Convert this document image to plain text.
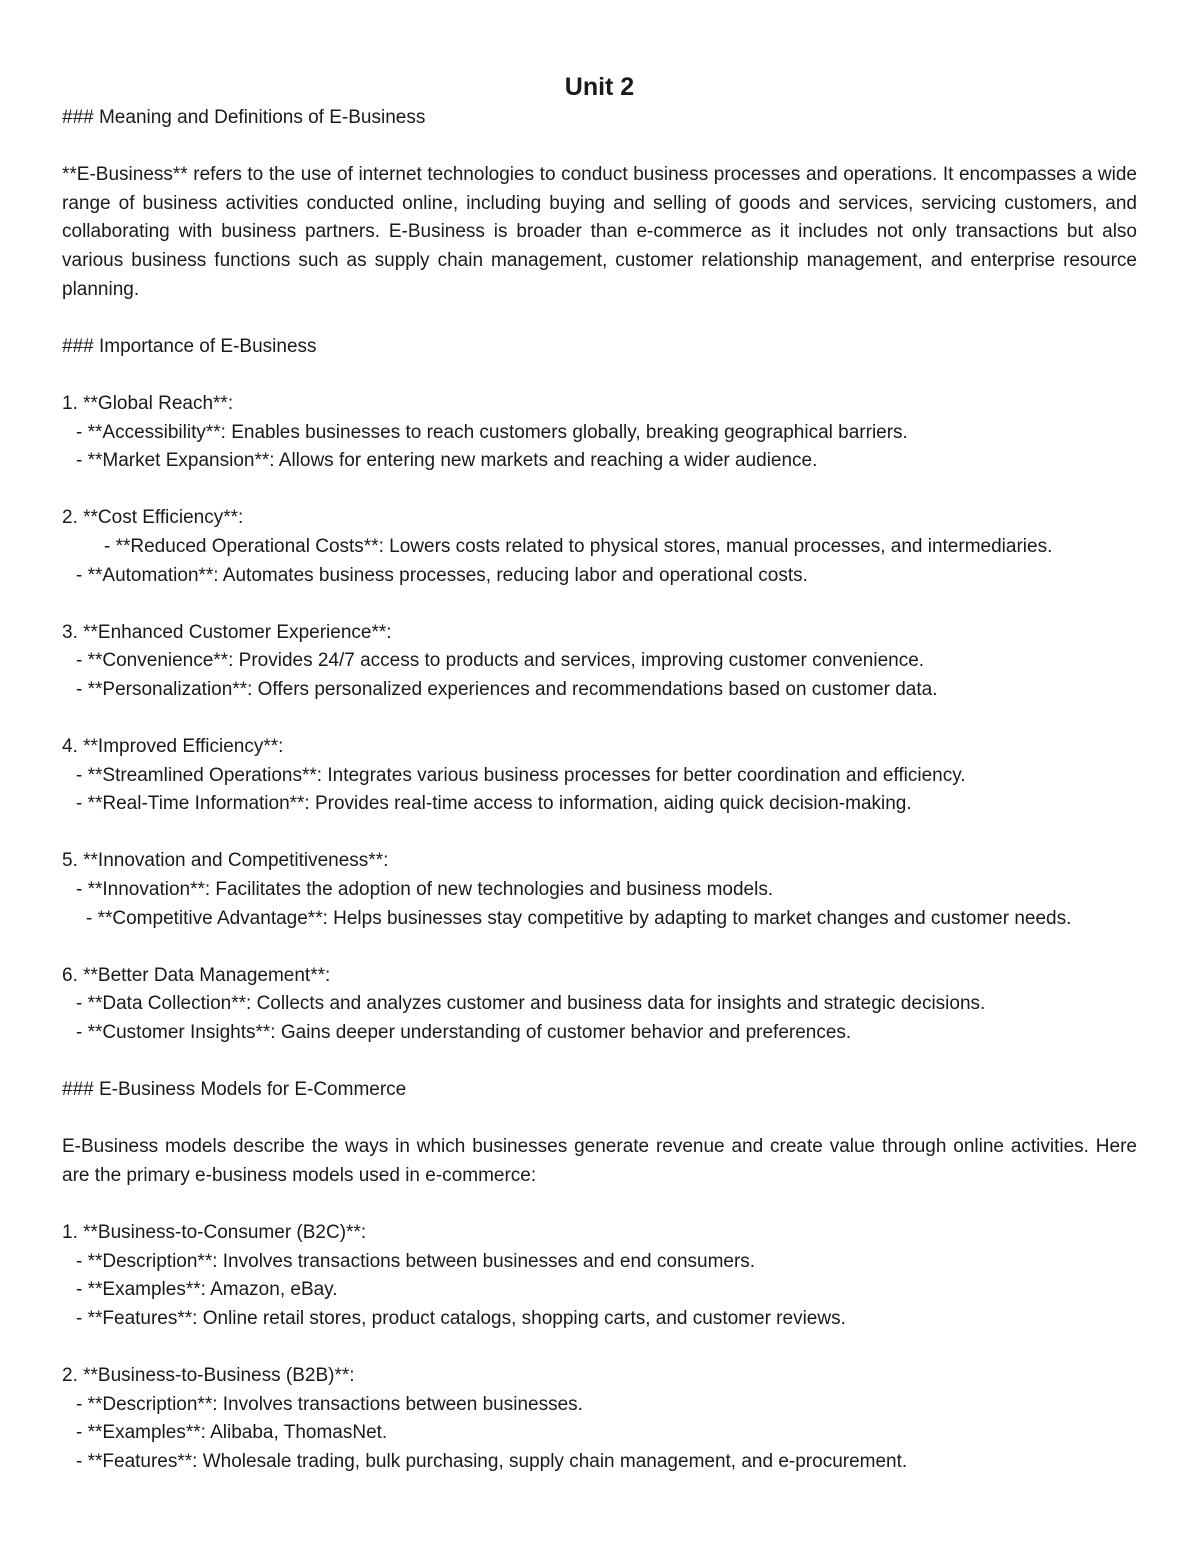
Unit 2

### Meaning and Definitions of E-Business

**E-Business** refers to the use of internet technologies to conduct business processes and operations. It encompasses a wide range of business activities conducted online, including buying and selling of goods and services, servicing customers, and collaborating with business partners. E-Business is broader than e-commerce as it includes not only transactions but also various business functions such as supply chain management, customer relationship management, and enterprise resource planning.

### Importance of E-Business

1. **Global Reach**:

- **Accessibility**: Enables businesses to reach customers globally, breaking geographical barriers.

- **Market Expansion**: Allows for entering new markets and reaching a wider audience.

2. **Cost Efficiency**:

- **Reduced Operational Costs**: Lowers costs related to physical stores, manual processes, and intermediaries.

- **Automation**: Automates business processes, reducing labor and operational costs.

3. **Enhanced Customer Experience**:

- **Convenience**: Provides 24/7 access to products and services, improving customer convenience.

- **Personalization**: Offers personalized experiences and recommendations based on customer data.

4. **Improved Efficiency**:

- **Streamlined Operations**: Integrates various business processes for better coordination and efficiency.

- **Real-Time Information**: Provides real-time access to information, aiding quick decision-making.

5. **Innovation and Competitiveness**:

- **Innovation**: Facilitates the adoption of new technologies and business models.

- **Competitive Advantage**: Helps businesses stay competitive by adapting to market changes and customer needs.

6. **Better Data Management**:

- **Data Collection**: Collects and analyzes customer and business data for insights and strategic decisions.

- **Customer Insights**: Gains deeper understanding of customer behavior and preferences.

### E-Business Models for E-Commerce

E-Business models describe the ways in which businesses generate revenue and create value through online activities. Here are the primary e-business models used in e-commerce:

1. **Business-to-Consumer (B2C)**:

- **Description**: Involves transactions between businesses and end consumers.

- **Examples**: Amazon, eBay.

- **Features**: Online retail stores, product catalogs, shopping carts, and customer reviews.

2. **Business-to-Business (B2B)**:

- **Description**: Involves transactions between businesses.

- **Examples**: Alibaba, ThomasNet.

- **Features**: Wholesale trading, bulk purchasing, supply chain management, and e-procurement.
